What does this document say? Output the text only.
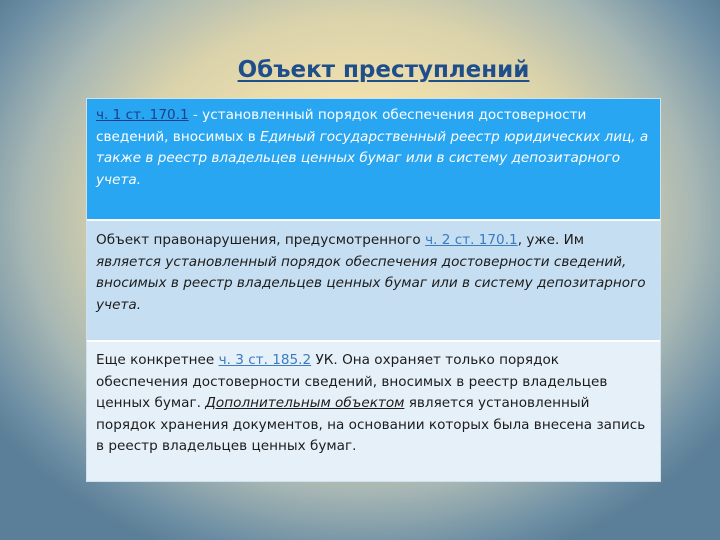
Объект преступлений
ч. 1 ст. 170.1 - установленный порядок обеспечения достоверности сведений, вносимых в Единый государственный реестр юридических лиц, а также в реестр владельцев ценных бумаг или в систему депозитарного учета.
Объект правонарушения, предусмотренного ч. 2 ст. 170.1, уже. Им является установленный порядок обеспечения достоверности сведений, вносимых в реестр владельцев ценных бумаг или в систему депозитарного учета.
Еще конкретнее ч. 3 ст. 185.2 УК. Она охраняет только порядок обеспечения достоверности сведений, вносимых в реестр владельцев ценных бумаг. Дополнительным объектом является установленный порядок хранения документов, на основании которых была внесена запись в реестр владельцев ценных бумаг.
